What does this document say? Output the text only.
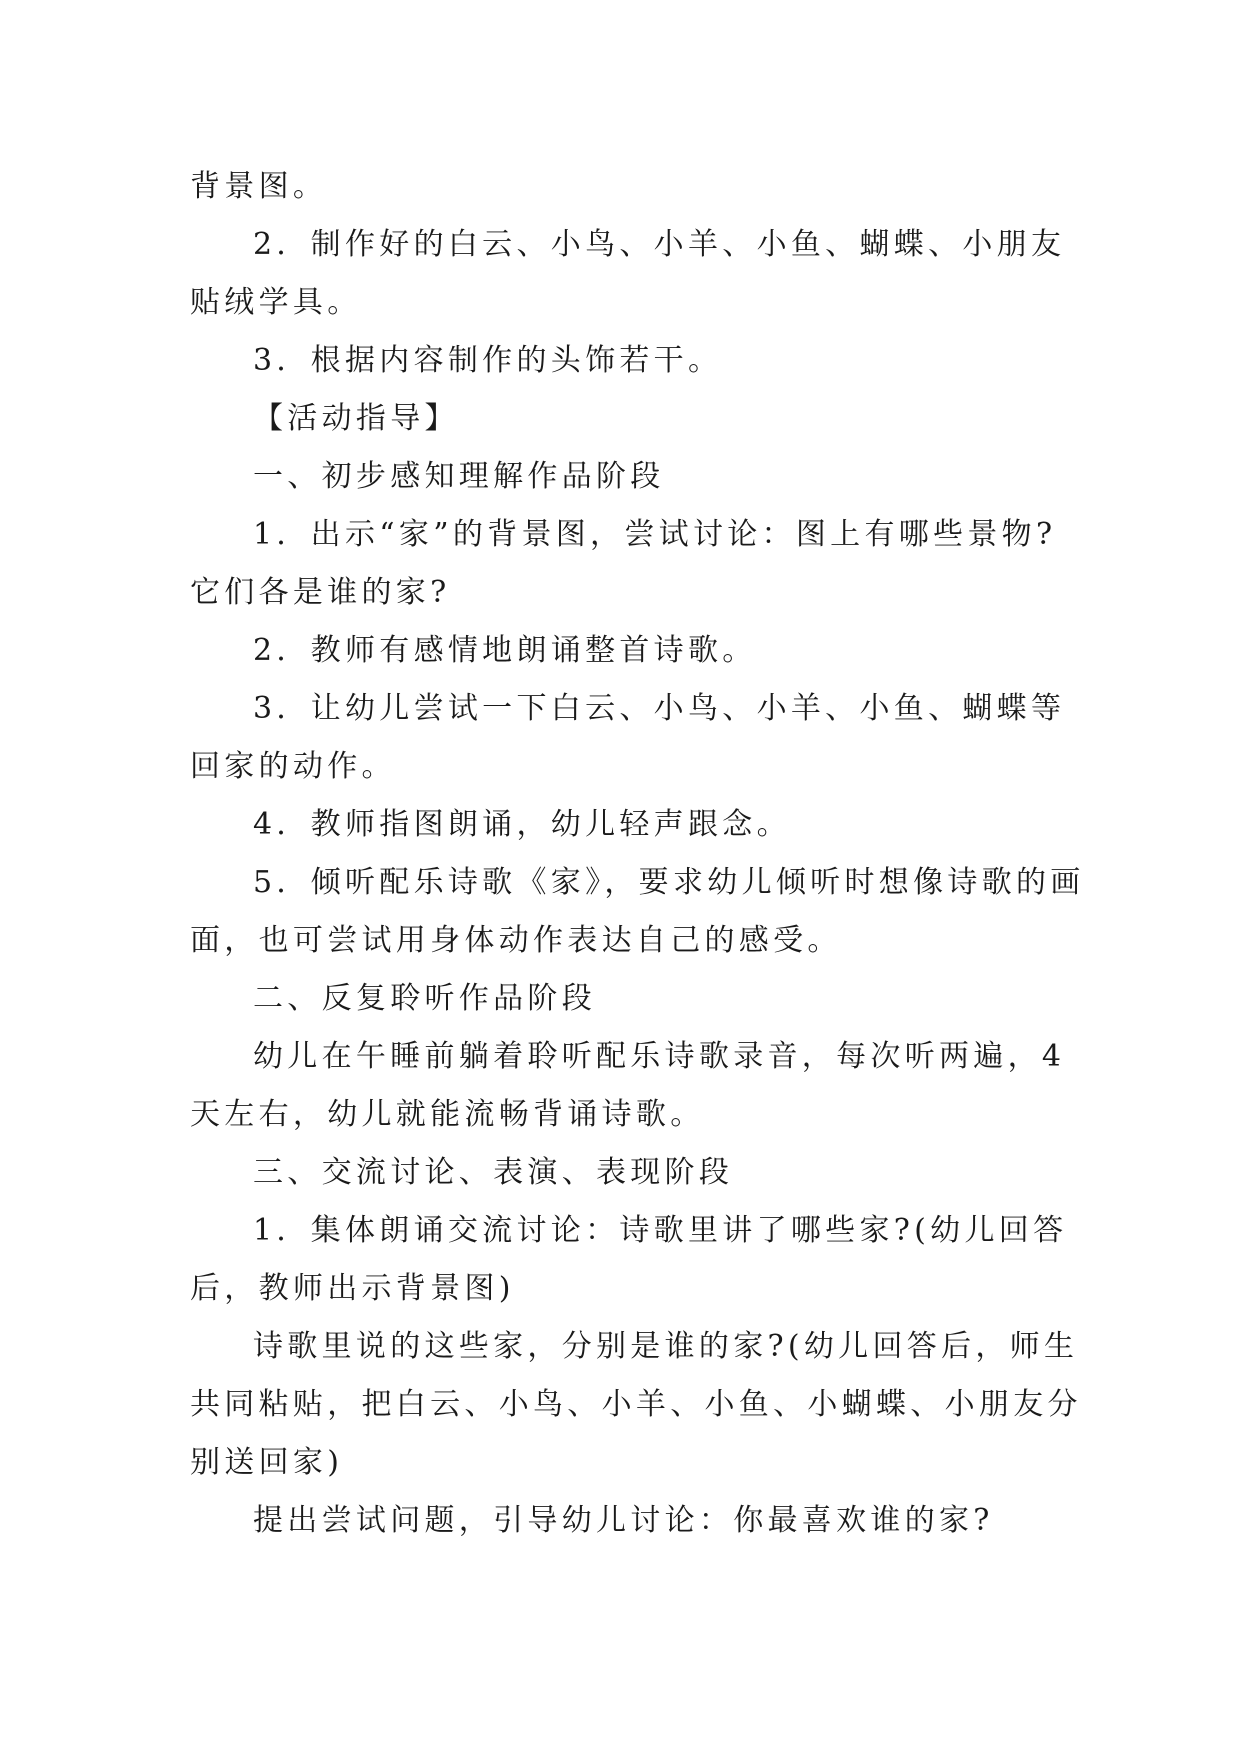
背景图。
2．制作好的白云、小鸟、小羊、小鱼、蝴蝶、小朋友
贴绒学具。
3．根据内容制作的头饰若干。
【活动指导】
一、初步感知理解作品阶段
1．出示“家”的背景图，尝试讨论：图上有哪些景物?
它们各是谁的家?
2．教师有感情地朗诵整首诗歌。
3．让幼儿尝试一下白云、小鸟、小羊、小鱼、蝴蝶等
回家的动作。
4．教师指图朗诵，幼儿轻声跟念。
5．倾听配乐诗歌《家》，要求幼儿倾听时想像诗歌的画
面，也可尝试用身体动作表达自己的感受。
二、反复聆听作品阶段
幼儿在午睡前躺着聆听配乐诗歌录音，每次听两遍，4
天左右，幼儿就能流畅背诵诗歌。
三、交流讨论、表演、表现阶段
1．集体朗诵交流讨论：诗歌里讲了哪些家?(幼儿回答
后，教师出示背景图)
诗歌里说的这些家，分别是谁的家?(幼儿回答后，师生
共同粘贴，把白云、小鸟、小羊、小鱼、小蝴蝶、小朋友分
别送回家)
提出尝试问题，引导幼儿讨论：你最喜欢谁的家?
